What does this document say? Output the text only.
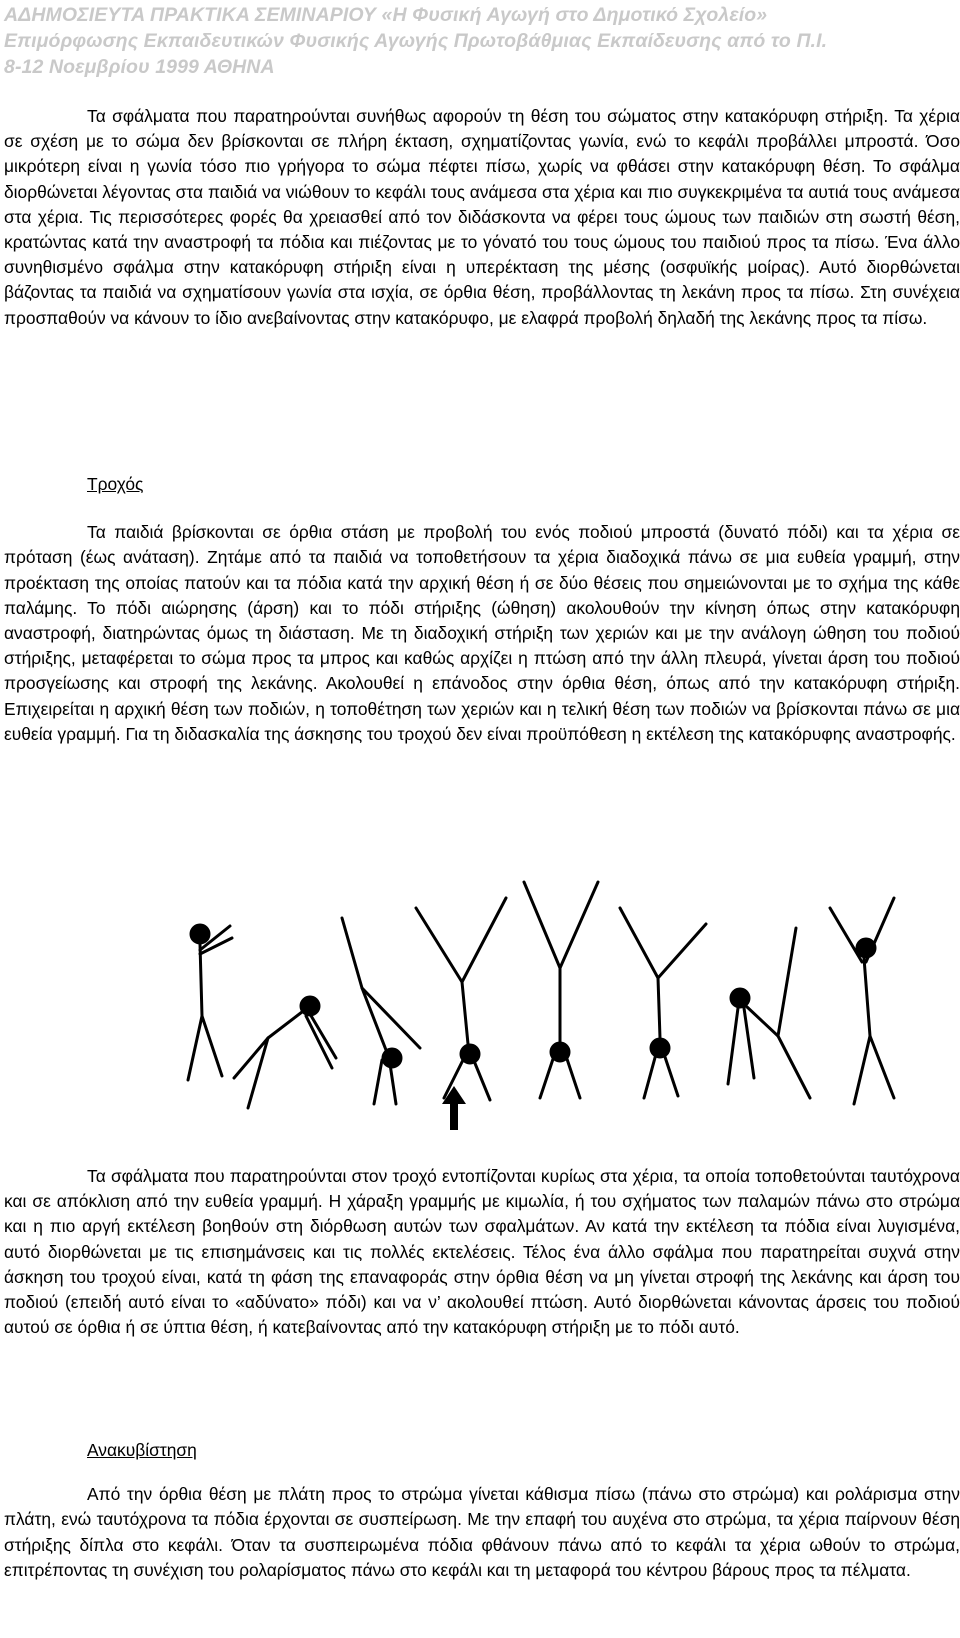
ΑΔΗΜΟΣΙΕΥΤΑ ΠΡΑΚΤΙΚΑ ΣΕΜΙΝΑΡΙΟΥ «Η Φυσική Αγωγή στο Δημοτικό Σχολείο»
Επιμόρφωσης Εκπαιδευτικών Φυσικής Αγωγής Πρωτοβάθμιας Εκπαίδευσης από το Π.Ι.
8-12 Νοεμβρίου 1999 ΑΘΗΝΑ

Τα σφάλματα που παρατηρούνται συνήθως αφορούν τη θέση του σώματος στην κατακόρυφη στήριξη. Τα χέρια σε σχέση με το σώμα δεν βρίσκονται σε πλήρη έκταση, σχηματίζοντας γωνία, ενώ το κεφάλι προβάλλει μπροστά. Όσο μικρότερη είναι η γωνία τόσο πιο γρήγορα το σώμα πέφτει πίσω, χωρίς να φθάσει στην κατακόρυφη θέση. Το σφάλμα διορθώνεται λέγοντας στα παιδιά να νιώθουν το κεφάλι τους ανάμεσα στα χέρια και πιο συγκεκριμένα τα αυτιά τους ανάμεσα στα χέρια. Τις περισσότερες φορές θα χρειασθεί από τον διδάσκοντα να φέρει τους ώμους των παιδιών στη σωστή θέση, κρατώντας κατά την αναστροφή τα πόδια και πιέζοντας με το γόνατό του τους ώμους του παιδιού προς τα πίσω. Ένα άλλο συνηθισμένο σφάλμα στην κατακόρυφη στήριξη είναι η υπερέκταση της μέσης (οσφυϊκής μοίρας). Αυτό διορθώνεται βάζοντας τα παιδιά να σχηματίσουν γωνία στα ισχία, σε όρθια θέση, προβάλλοντας τη λεκάνη προς τα πίσω. Στη συνέχεια προσπαθούν να κάνουν το ίδιο ανεβαίνοντας στην κατακόρυφο, με ελαφρά προβολή δηλαδή της λεκάνης προς τα πίσω.

Τροχός

Τα παιδιά βρίσκονται σε όρθια στάση με προβολή του ενός ποδιού μπροστά (δυνατό πόδι) και τα χέρια σε πρόταση (έως ανάταση). Ζητάμε από τα παιδιά να τοποθετήσουν τα χέρια διαδοχικά πάνω σε μια ευθεία γραμμή, στην προέκταση της οποίας πατούν και τα πόδια κατά την αρχική θέση ή σε δύο θέσεις που σημειώνονται με το σχήμα της κάθε παλάμης. Το πόδι αιώρησης (άρση) και το πόδι στήριξης (ώθηση) ακολουθούν την κίνηση όπως στην κατακόρυφη αναστροφή, διατηρώντας όμως τη διάσταση. Με τη διαδοχική στήριξη των χεριών και με την ανάλογη ώθηση του ποδιού στήριξης, μεταφέρεται το σώμα προς τα μπρος και καθώς αρχίζει η πτώση από την άλλη πλευρά, γίνεται άρση του ποδιού προσγείωσης και στροφή της λεκάνης. Ακολουθεί η επάνοδος στην όρθια θέση, όπως από την κατακόρυφη στήριξη. Επιχειρείται η αρχική θέση των ποδιών, η τοποθέτηση των χεριών και η τελική θέση των ποδιών να βρίσκονται πάνω σε μια ευθεία γραμμή. Για τη διδασκαλία της άσκησης του τροχού δεν είναι προϋπόθεση η εκτέλεση της κατακόρυφης αναστροφής.

Τα σφάλματα που παρατηρούνται στον τροχό εντοπίζονται κυρίως στα χέρια, τα οποία τοποθετούνται ταυτόχρονα και σε απόκλιση από την ευθεία γραμμή. Η χάραξη γραμμής με κιμωλία, ή του σχήματος των παλαμών πάνω στο στρώμα και η πιο αργή εκτέλεση βοηθούν στη διόρθωση αυτών των σφαλμάτων. Αν κατά την εκτέλεση τα πόδια είναι λυγισμένα, αυτό διορθώνεται με τις επισημάνσεις και τις πολλές εκτελέσεις. Τέλος ένα άλλο σφάλμα που παρατηρείται συχνά στην άσκηση του τροχού είναι, κατά τη φάση της επαναφοράς στην όρθια θέση να μη γίνεται στροφή της λεκάνης και άρση του ποδιού (επειδή αυτό είναι το «αδύνατο» πόδι) και να ν’ ακολουθεί πτώση. Αυτό διορθώνεται κάνοντας άρσεις του ποδιού αυτού σε όρθια ή σε ύπτια θέση, ή κατεβαίνοντας από την κατακόρυφη στήριξη με το πόδι αυτό.

Ανακυβίστηση

Από την όρθια θέση με πλάτη προς το στρώμα γίνεται κάθισμα πίσω (πάνω στο στρώμα) και ρολάρισμα στην πλάτη, ενώ ταυτόχρονα τα πόδια έρχονται σε συσπείρωση. Με την επαφή του αυχένα στο στρώμα, τα χέρια παίρνουν θέση στήριξης δίπλα στο κεφάλι. Όταν τα συσπειρωμένα πόδια φθάνουν πάνω από το κεφάλι τα χέρια ωθούν το στρώμα, επιτρέποντας τη συνέχιση του ρολαρίσματος πάνω στο κεφάλι και τη μεταφορά του κέντρου βάρους προς τα πέλματα.
